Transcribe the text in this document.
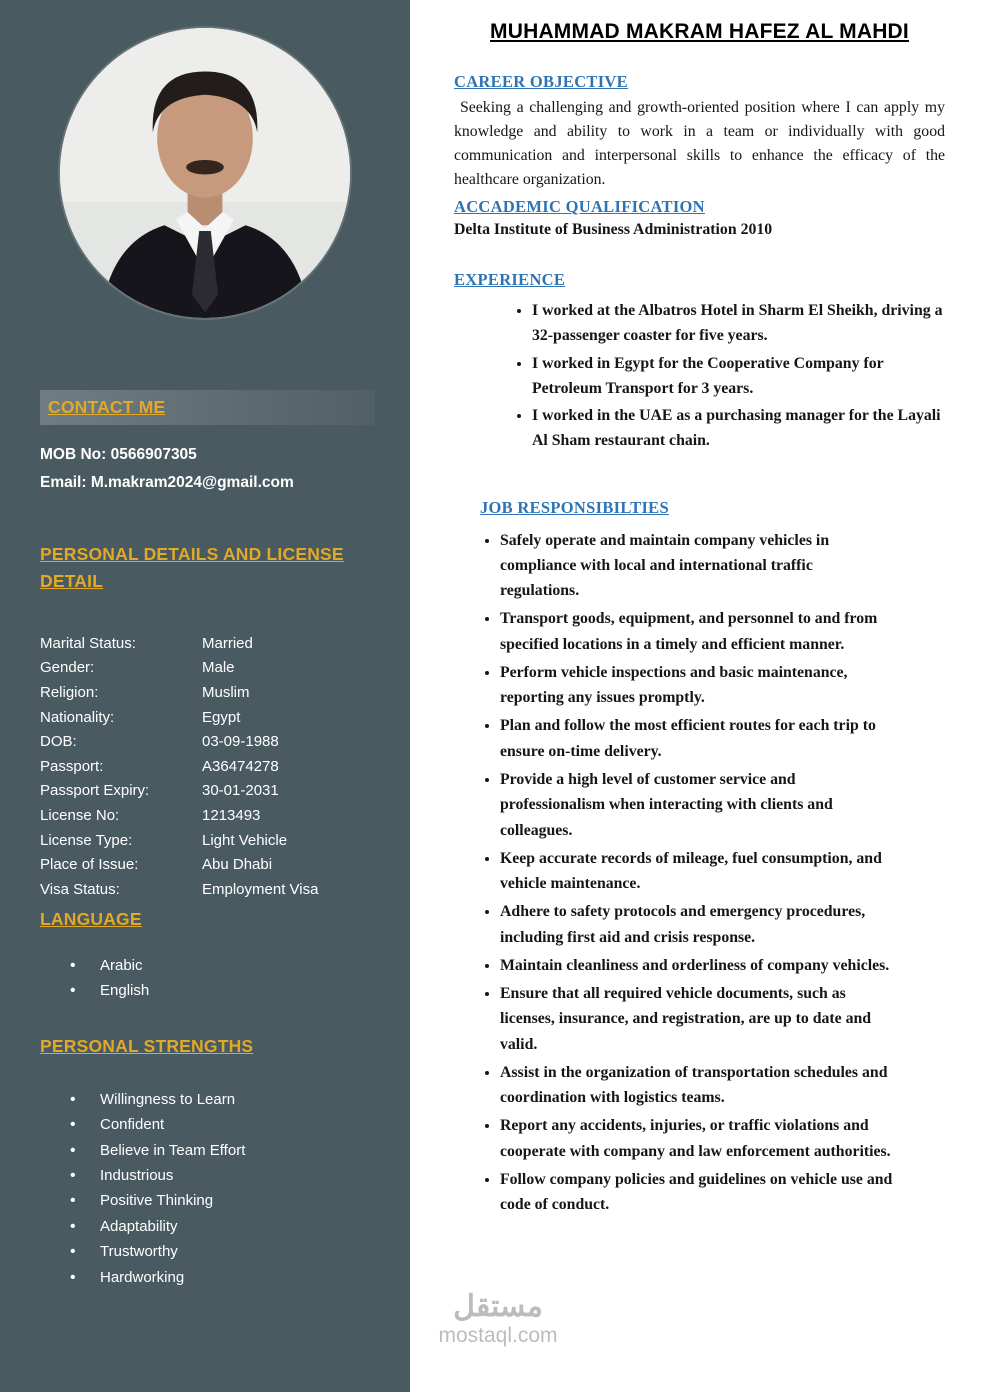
CONTACT ME
MOB No: 0566907305
Email: M.makram2024@gmail.com
PERSONAL DETAILS AND LICENSE DETAIL
Marital Status:	Married
Gender:	Male
Religion:	Muslim
Nationality:	Egypt
DOB:	03-09-1988
Passport:	A36474278
Passport Expiry:	30-01-2031
License No:	1213493
License Type:	Light Vehicle
Place of Issue:	Abu Dhabi
Visa Status:	Employment Visa
LANGUAGE
• Arabic
• English
PERSONAL STRENGTHS
• Willingness to Learn
• Confident
• Believe in Team Effort
• Industrious
• Positive Thinking
• Adaptability
• Trustworthy
• Hardworking
MUHAMMAD MAKRAM HAFEZ AL MAHDI
CAREER OBJECTIVE

Seeking a challenging and growth-oriented position where I can apply my knowledge and ability to work in a team or individually with good communication and interpersonal skills to enhance the efficacy of the healthcare organization.

ACCADEMIC QUALIFICATION

Delta Institute of Business Administration 2010

EXPERIENCE
• I worked at the Albatros Hotel in Sharm El Sheikh, driving a 32-passenger coaster for five years.
• I worked in Egypt for the Cooperative Company for Petroleum Transport for 3 years.
• I worked in the UAE as a purchasing manager for the Layali Al Sham restaurant chain.
JOB RESPONSIBILTIES
• Safely operate and maintain company vehicles in compliance with local and international traffic regulations.
• Transport goods, equipment, and personnel to and from specified locations in a timely and efficient manner.
• Perform vehicle inspections and basic maintenance, reporting any issues promptly.
• Plan and follow the most efficient routes for each trip to ensure on-time delivery.
• Provide a high level of customer service and professionalism when interacting with clients and colleagues.
• Keep accurate records of mileage, fuel consumption, and vehicle maintenance.
• Adhere to safety protocols and emergency procedures, including first aid and crisis response.
• Maintain cleanliness and orderliness of company vehicles.
• Ensure that all required vehicle documents, such as licenses, insurance, and registration, are up to date and valid.
• Assist in the organization of transportation schedules and coordination with logistics teams.
• Report any accidents, injuries, or traffic violations and cooperate with company and law enforcement authorities.
• Follow company policies and guidelines on vehicle use and code of conduct.
مستقل
mostaql.com
